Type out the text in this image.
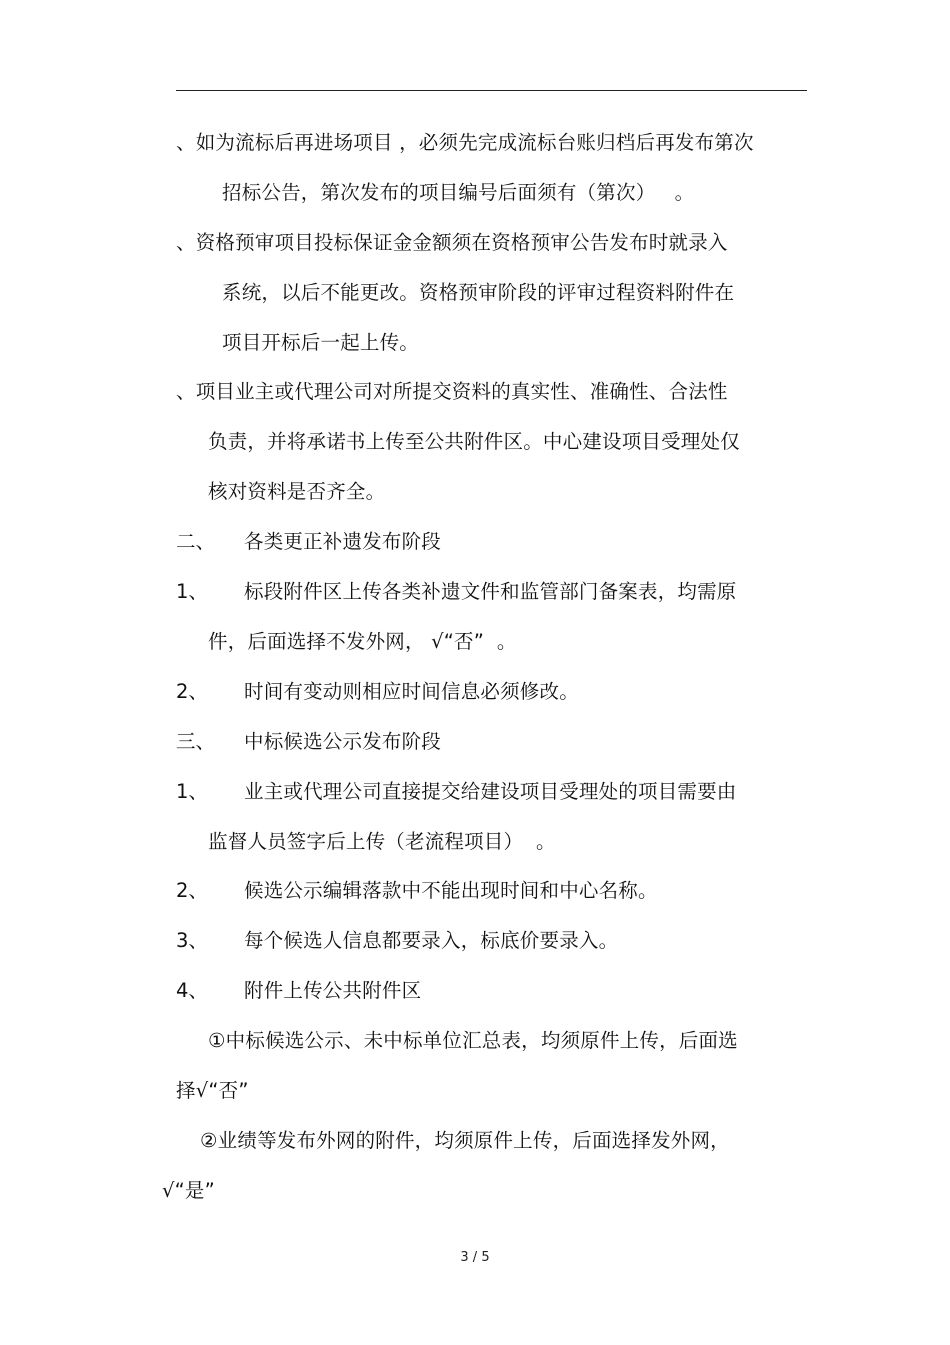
、如为流标后再进场项目 ，必须先完成流标台账归档后再发布第次
招标公告，第次发布的项目编号后面须有（第次）   。
、资格预审项目投标保证金金额须在资格预审公告发布时就录入
系统，以后不能更改。资格预审阶段的评审过程资料附件在
项目开标后一起上传。
、项目业主或代理公司对所提交资料的真实性、准确性、合法性
负责，并将承诺书上传至公共附件区。中心建设项目受理处仅
核对资料是否齐全。
二、 各类更正补遗发布阶段
1、 标段附件区上传各类补遗文件和监管部门备案表，均需原
件，后面选择不发外网， √“否”  。
2、 时间有变动则相应时间信息必须修改。
三、 中标候选公示发布阶段
1、 业主或代理公司直接提交给建设项目受理处的项目需要由
监督人员签字后上传（老流程项目）  。
2、 候选公示编辑落款中不能出现时间和中心名称。
3、 每个候选人信息都要录入，标底价要录入。
4、 附件上传公共附件区
①中标候选公示、未中标单位汇总表，均须原件上传，后面选
择√“否”
②业绩等发布外网的附件，均须原件上传，后面选择发外网，
√“是”
3 / 5
